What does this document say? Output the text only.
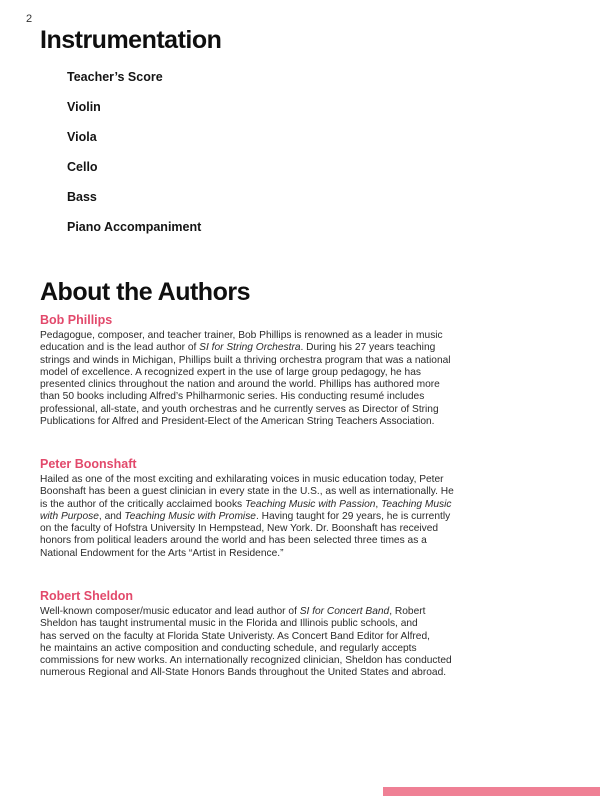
2
Instrumentation
Teacher’s Score
Violin
Viola
Cello
Bass
Piano Accompaniment
About the Authors
Bob Phillips

Pedagogue, composer, and teacher trainer, Bob Phillips is renowned as a leader in music
education and is the lead author of SI for String Orchestra. During his 27 years teaching
strings and winds in Michigan, Phillips built a thriving orchestra program that was a national
model of excellence. A recognized expert in the use of large group pedagogy, he has
presented clinics throughout the nation and around the world. Phillips has authored more
than 50 books including Alfred’s Philharmonic series. His conducting resumé includes
professional, all-state, and youth orchestras and he currently serves as Director of String
Publications for Alfred and President-Elect of the American String Teachers Association.

Peter Boonshaft

Hailed as one of the most exciting and exhilarating voices in music education today, Peter
Boonshaft has been a guest clinician in every state in the U.S., as well as internationally. He
is the author of the critically acclaimed books Teaching Music with Passion, Teaching Music
with Purpose, and Teaching Music with Promise. Having taught for 29 years, he is currently
on the faculty of Hofstra University In Hempstead, New York. Dr. Boonshaft has received
honors from political leaders around the world and has been selected three times as a
National Endowment for the Arts “Artist in Residence.”

Robert Sheldon

Well-known composer/music educator and lead author of SI for Concert Band, Robert
Sheldon has taught instrumental music in the Florida and Illinois public schools, and
has served on the faculty at Florida State Univeristy. As Concert Band Editor for Alfred,
he maintains an active composition and conducting schedule, and regularly accepts
commissions for new works. An internationally recognized clinician, Sheldon has conducted
numerous Regional and All-State Honors Bands throughout the United States and abroad.
